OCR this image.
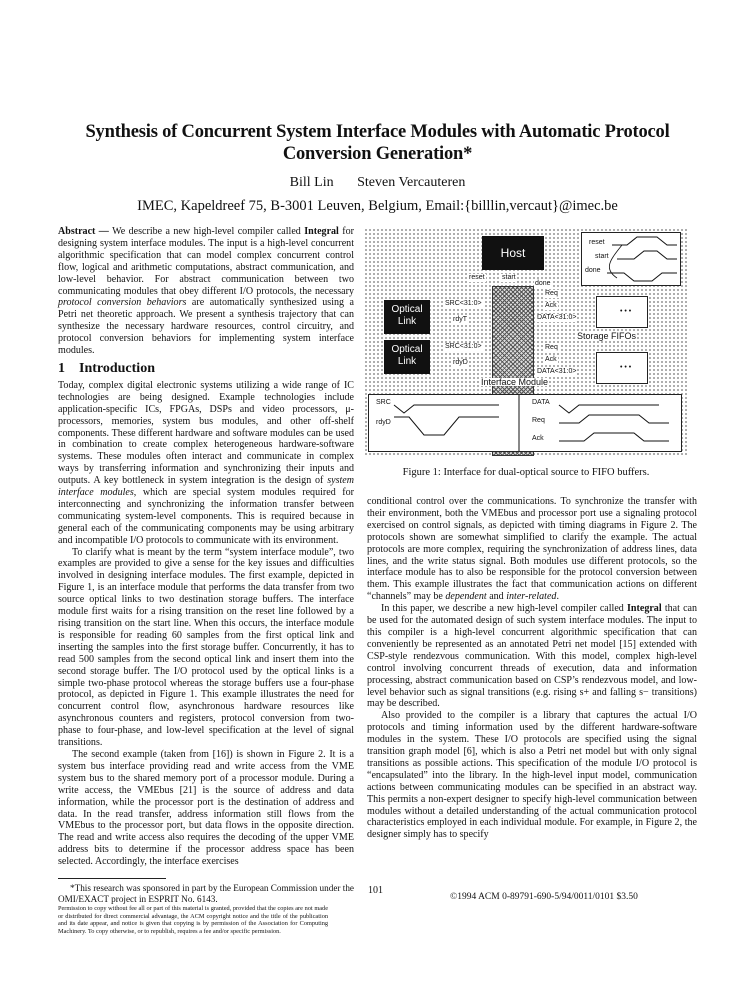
Synthesis of Concurrent System Interface Modules with Automatic Protocol Conversion Generation*
Bill Lin Steven Vercauteren
IMEC, Kapeldreef 75, B-3001 Leuven, Belgium, Email:{billlin,vercaut}@imec.be

Abstract — We describe a new high-level compiler called Integral for designing system interface modules. The input is a high-level concurrent algorithmic specification that can model complex concurrent control flow, logical and arithmetic computations, abstract communication, and low-level behavior. For abstract communication between two communicating modules that obey different I/O protocols, the necessary protocol conversion behaviors are automatically synthesized using a Petri net theoretic approach. We present a synthesis trajectory that can synthesize the necessary hardware resources, control circuitry, and protocol conversion behaviors for implementing system interface modules.

1 Introduction

Today, complex digital electronic systems utilizing a wide range of IC technologies are being designed. Example technologies include application-specific ICs, FPGAs, DSPs and video processors, μ-processors, memories, system bus modules, and other off-shelf components. These different hardware and software modules can be used in combination to create complex heterogeneous hardware-software systems. These modules often interact and communicate in complex ways by transferring information and synchronizing their inputs and outputs. A key bottleneck in system integration is the design of system interface modules, which are special system modules required for interconnecting and synchronizing the information transfer between communicating system-level components. This is required because in general each of the communicating components may be using arbitrary and incompatible I/O protocols to communicate with its environment.

To clarify what is meant by the term “system interface module”, two examples are provided to give a sense for the key issues and difficulties involved in designing interface modules. The first example, depicted in Figure 1, is an interface module that performs the data transfer from two source optical links to two destination storage buffers. The interface module first waits for a rising transition on the reset line followed by a rising transition on the start line. When this occurs, the interface module is responsible for reading 60 samples from the first optical link and inserting the samples into the first storage buffer. Concurrently, it has to read 500 samples from the second optical link and insert them into the second storage buffer. The I/O protocol used by the optical links is a simple two-phase protocol whereas the storage buffers use a four-phase protocol, as depicted in Figure 1. This example illustrates the need for concurrent control flow, asynchronous hardware resources like asynchronous counters and registers, protocol conversion from two-phase to four-phase, and low-level specification at the level of signal transitions.

The second example (taken from [16]) is shown in Figure 2. It is a system bus interface providing read and write access from the VME system bus to the shared memory port of a processor module. During a write access, the VMEbus [21] is the source of address and data information, while the processor port is the destination of address and data. In the read transfer, address information still flows from the VMEbus to the processor port, but data flows in the opposite direction. The read and write access also requires the decoding of the upper VME address bits to determine if the processor address space has been selected. Accordingly, the interface exercises

*This research was sponsored in part by the European Commission under the OMI/EXACT project in ESPRIT No. 6143.

Permission to copy without fee all or part of this material is granted, provided that the copies are not made or distributed for direct commercial advantage, the ACM copyright notice and the title of the publication and its date appear, and notice is given that copying is by permission of the Association for Computing Machinery. To copy otherwise, or to republish, requires a fee and/or specific permission.

Host
reset
start
done
reset start
done
Optical Link
Optical Link
SRC<31:0>
rdyT
SRC<31:0>
rdyD
Req
Ack
DATA<31:0>
Req
Ack
DATA<31:0>
• • •
• • •
Storage FIFOs
Interface Module
SRC
rdyD
DATA
Req
Ack
Figure 1: Interface for dual-optical source to FIFO buffers.

conditional control over the communications. To synchronize the transfer with their environment, both the VMEbus and processor port use a signaling protocol exercised on control signals, as depicted with timing diagrams in Figure 2. The protocols shown are somewhat simplified to clarify the example. The actual protocols are more complex, requiring the synchronization of address lines, data lines, and the write status signal. Both modules use different protocols, so the interface module has to also be responsible for the protocol conversion between them. This example illustrates the fact that communication actions on different “channels” may be dependent and inter-related.

In this paper, we describe a new high-level compiler called Integral that can be used for the automated design of such system interface modules. The input to this compiler is a high-level concurrent algorithmic specification that can conveniently be represented as an annotated Petri net model [15] extended with CSP-style rendezvous communication. With this model, complex high-level control involving concurrent threads of execution, data and information processing, abstract communication based on CSP’s rendezvous model, and low-level behavior such as signal transitions (e.g. rising s+ and falling s− transitions) may be described.

Also provided to the compiler is a library that captures the actual I/O protocols and timing information used by the different hardware-software modules in the system. These I/O protocols are specified using the signal transition graph model [6], which is also a Petri net model but with only signal transitions as possible actions. This specification of the module I/O protocol is “encapsulated” into the library. In the high-level input model, communication actions between communicating modules can be specified in an abstract way. This permits a non-expert designer to specify high-level communication between modules without a detailed understanding of the actual communication protocol characteristics employed in each individual module. For example, in Figure 2, the designer simply has to specify

101
©1994 ACM 0-89791-690-5/94/0011/0101 $3.50
